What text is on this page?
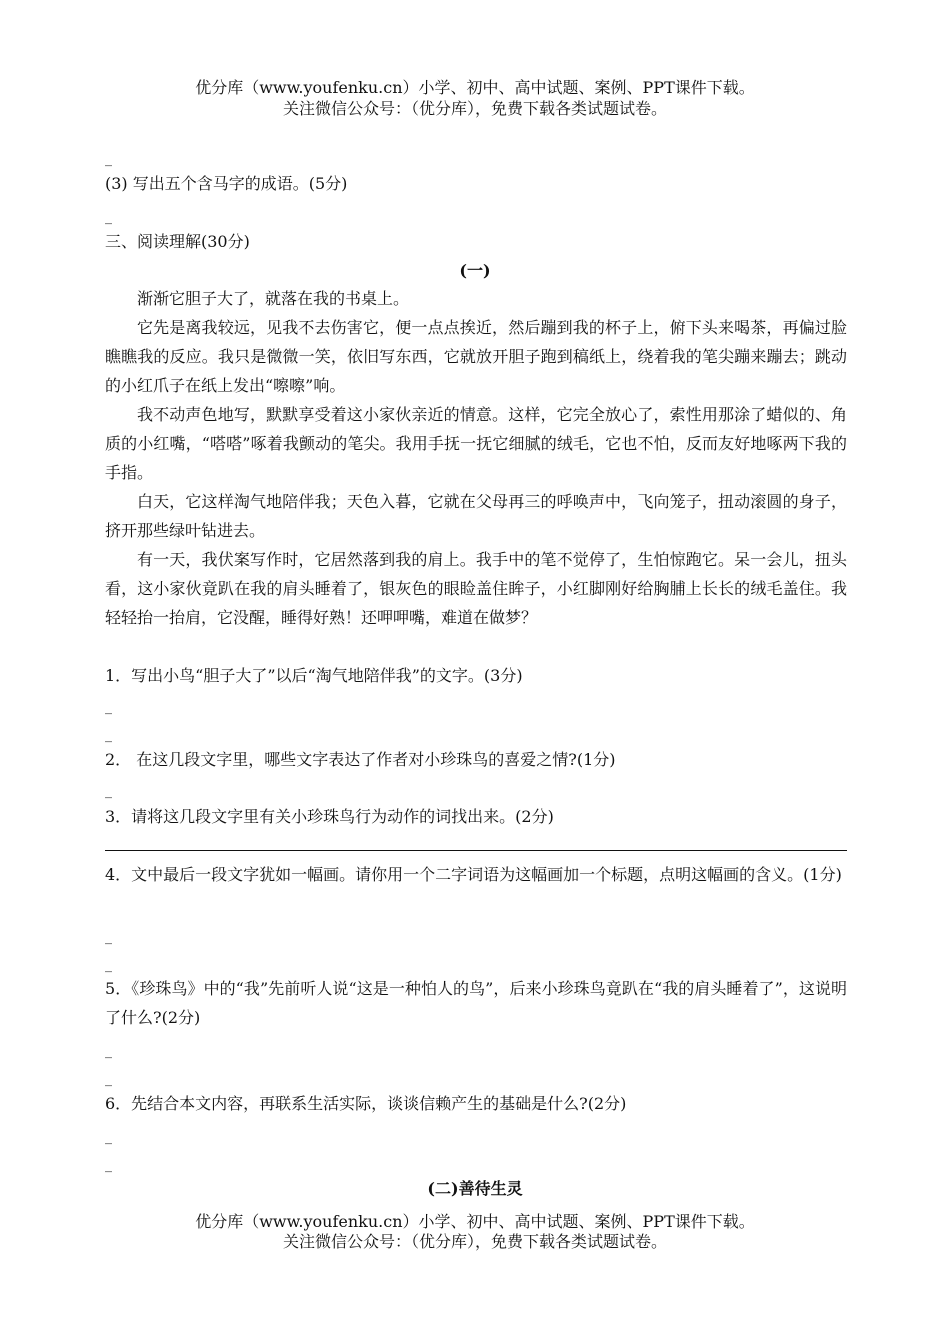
优分库（www.youfenku.cn）小学、初中、高中试题、案例、PPT课件下载。
关注微信公众号：（优分库），免费下载各类试题试卷。
_
(3) 写出五个含马字的成语。(5分)
_
三、阅读理解(30分)
(一)
渐渐它胆子大了，就落在我的书桌上。
它先是离我较远，见我不去伤害它，便一点点挨近，然后蹦到我的杯子上，俯下头来喝茶，再偏过脸瞧瞧我的反应。我只是微微一笑，依旧写东西，它就放开胆子跑到稿纸上，绕着我的笔尖蹦来蹦去；跳动的小红爪子在纸上发出“嚓嚓”响。
我不动声色地写，默默享受着这小家伙亲近的情意。这样，它完全放心了，索性用那涂了蜡似的、角质的小红嘴，“嗒嗒”啄着我颤动的笔尖。我用手抚一抚它细腻的绒毛，它也不怕，反而友好地啄两下我的手指。
白天，它这样淘气地陪伴我；天色入暮，它就在父母再三的呼唤声中，飞向笼子，扭动滚圆的身子，挤开那些绿叶钻进去。
有一天，我伏案写作时，它居然落到我的肩上。我手中的笔不觉停了，生怕惊跑它。呆一会儿，扭头看，这小家伙竟趴在我的肩头睡着了，银灰色的眼睑盖住眸子，小红脚刚好给胸脯上长长的绒毛盖住。我轻轻抬一抬肩，它没醒，睡得好熟！还呷呷嘴，难道在做梦？
1．写出小鸟“胆子大了”以后“淘气地陪伴我”的文字。(3分)
_
_
2． 在这几段文字里，哪些文字表达了作者对小珍珠鸟的喜爱之情?(1分)
_
3．请将这几段文字里有关小珍珠鸟行为动作的词找出来。(2分)
4．文中最后一段文字犹如一幅画。请你用一个二字词语为这幅画加一个标题，点明这幅画的含义。(1分)
_
_
5．《珍珠鸟》中的“我”先前听人说“这是一种怕人的鸟”，后来小珍珠鸟竟趴在“我的肩头睡着了”，这说明了什么?(2分)
_
_
6．先结合本文内容，再联系生活实际，谈谈信赖产生的基础是什么?(2分)
_
_
(二)善待生灵
优分库（www.youfenku.cn）小学、初中、高中试题、案例、PPT课件下载。
关注微信公众号：（优分库），免费下载各类试题试卷。
